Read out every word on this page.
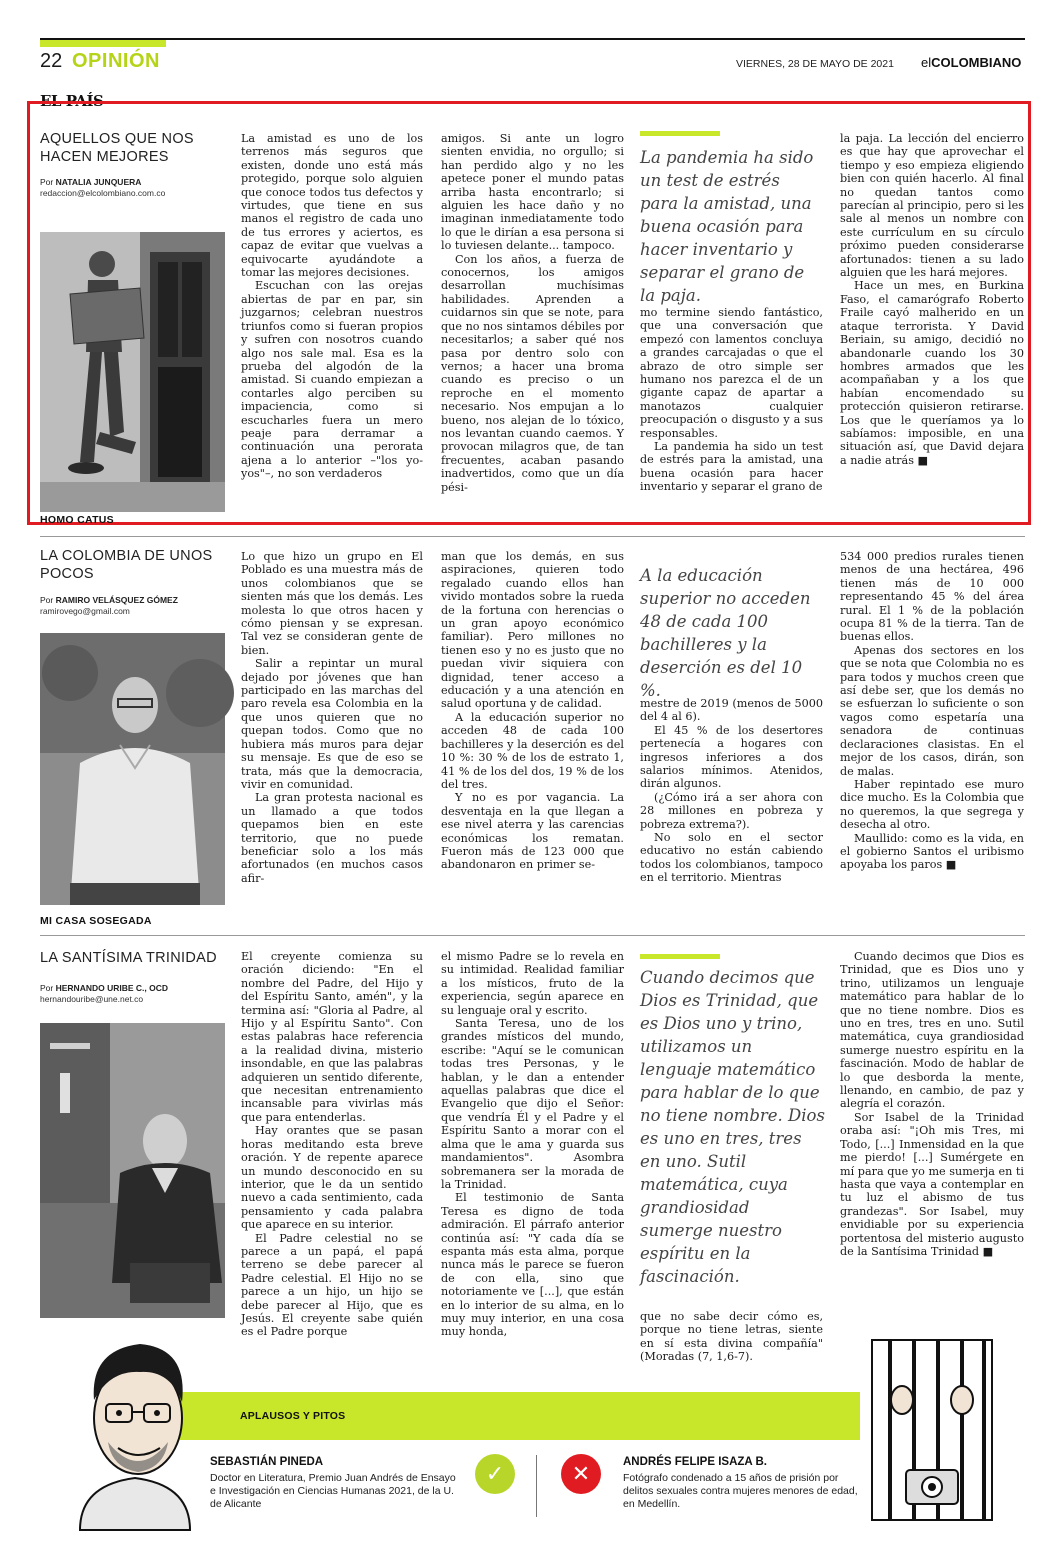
22 OPINIÓN	VIERNES, 28 DE MAYO DE 2021 elCOLOMBIANO
EL PAÍS
AQUELLOS QUE NOS HACEN MEJORES
Por NATALIA JUNQUERA
redaccion@elcolombiano.com.co
HOMO CATUS

La amistad es uno de los terrenos más seguros que existen, donde uno está más protegido, porque solo alguien que conoce todos tus defectos y virtudes, que tiene en sus manos el registro de cada uno de tus errores y aciertos, es capaz de evitar que vuelvas a equivocarte ayudándote a tomar las mejores decisiones.

Escuchan con las orejas abiertas de par en par, sin juzgarnos; celebran nuestros triunfos como si fueran propios y sufren con nosotros cuando algo nos sale mal. Esa es la prueba del algodón de la amistad. Si cuando empiezan a contarles algo perciben su impaciencia, como si escucharles fuera un mero peaje para derramar a continuación una perorata ajena a lo anterior –"los yo-yos"–, no son verdaderos

amigos. Si ante un logro sienten envidia, no orgullo; si han perdido algo y no les apetece poner el mundo patas arriba hasta encontrarlo; si alguien les hace daño y no imaginan inmediatamente todo lo que le dirían a esa persona si lo tuviesen delante... tampoco.

Con los años, a fuerza de conocernos, los amigos desarrollan muchísimas habilidades. Aprenden a cuidarnos sin que se note, para que no nos sintamos débiles por necesitarlos; a saber qué nos pasa por dentro solo con vernos; a hacer una broma cuando es preciso o un reproche en el momento necesario. Nos empujan a lo bueno, nos alejan de lo tóxico, nos levantan cuando caemos. Y provocan milagros que, de tan frecuentes, acaban pasando inadvertidos, como que un día pési-

La pandemia ha sido un test de estrés para la amistad, una buena ocasión para hacer inventario y separar el grano de la paja.

mo termine siendo fantástico, que una conversación que empezó con lamentos concluya a grandes carcajadas o que el abrazo de otro simple ser humano nos parezca el de un gigante capaz de apartar a manotazos cualquier preocupación o disgusto y a sus responsables.

La pandemia ha sido un test de estrés para la amistad, una buena ocasión para hacer inventario y separar el grano de

la paja. La lección del encierro es que hay que aprovechar el tiempo y eso empieza eligiendo bien con quién hacerlo. Al final no quedan tantos como parecían al principio, pero si les sale al menos un nombre con este currículum en su círculo próximo pueden considerarse afortunados: tienen a su lado alguien que les hará mejores.

Hace un mes, en Burkina Faso, el camarógrafo Roberto Fraile cayó malherido en un ataque terrorista. Y David Beriain, su amigo, decidió no abandonarle cuando los 30 hombres armados que les acompañaban y a los que habían encomendado su protección quisieron retirarse. Los que le queríamos ya lo sabíamos: imposible, en una situación así, que David dejara a nadie atrás ■

LA COLOMBIA DE UNOS POCOS
Por RAMIRO VELÁSQUEZ GÓMEZ
ramirovego@gmail.com
MI CASA SOSEGADA

Lo que hizo un grupo en El Poblado es una muestra más de unos colombianos que se sienten más que los demás. Les molesta lo que otros hacen y cómo piensan y se expresan. Tal vez se consideran gente de bien.

Salir a repintar un mural dejado por jóvenes que han participado en las marchas del paro revela esa Colombia en la que unos quieren que no quepan todos. Como que no hubiera más muros para dejar su mensaje. Es que de eso se trata, más que la democracia, vivir en comunidad.

La gran protesta nacional es un llamado a que todos quepamos bien en este territorio, que no puede beneficiar solo a los más afortunados (en muchos casos afir-

man que los demás, en sus aspiraciones, quieren todo regalado cuando ellos han vivido montados sobre la rueda de la fortuna con herencias o un gran apoyo económico familiar). Pero millones no tienen eso y no es justo que no puedan vivir siquiera con dignidad, tener acceso a educación y a una atención en salud oportuna y de calidad.

A la educación superior no acceden 48 de cada 100 bachilleres y la deserción es del 10 %: 30 % de los de estrato 1, 41 % de los del dos, 19 % de los del tres.

Y no es por vagancia. La desventaja en la que llegan a ese nivel aterra y las carencias económicas los rematan. Fueron más de 123 000 que abandonaron en primer se-

A la educación superior no acceden 48 de cada 100 bachilleres y la deserción es del 10 %.

mestre de 2019 (menos de 5000 del 4 al 6).

El 45 % de los desertores pertenecía a hogares con ingresos inferiores a dos salarios mínimos. Atenidos, dirán algunos.

(¿Cómo irá a ser ahora con 28 millones en pobreza y pobreza extrema?).

No solo en el sector educativo no están cabiendo todos los colombianos, tampoco en el territorio. Mientras

534 000 predios rurales tienen menos de una hectárea, 496 tienen más de 10 000 representando 45 % del área rural. El 1 % de la población ocupa 81 % de la tierra. Tan de buenas ellos.

Apenas dos sectores en los que se nota que Colombia no es para todos y muchos creen que así debe ser, que los demás no se esfuerzan lo suficiente o son vagos como espetaría una senadora de continuas declaraciones clasistas. En el mejor de los casos, dirán, son de malas.

Haber repintado ese muro dice mucho. Es la Colombia que no queremos, la que segrega y desecha al otro.

Maullido: como es la vida, en el gobierno Santos el uribismo apoyaba los paros ■

LA SANTÍSIMA TRINIDAD
Por HERNANDO URIBE C., OCD
hernandouribe@une.net.co

El creyente comienza su oración diciendo: "En el nombre del Padre, del Hijo y del Espíritu Santo, amén", y la termina así: "Gloria al Padre, al Hijo y al Espíritu Santo". Con estas palabras hace referencia a la realidad divina, misterio insondable, en que las palabras adquieren un sentido diferente, que necesitan entrenamiento incansable para vivirlas más que para entenderlas.

Hay orantes que se pasan horas meditando esta breve oración. Y de repente aparece un mundo desconocido en su interior, que le da un sentido nuevo a cada sentimiento, cada pensamiento y cada palabra que aparece en su interior.

El Padre celestial no se parece a un papá, el papá terreno se debe parecer al Padre celestial. El Hijo no se parece a un hijo, un hijo se debe parecer al Hijo, que es Jesús. El creyente sabe quién es el Padre porque

el mismo Padre se lo revela en su intimidad. Realidad familiar a los místicos, fruto de la experiencia, según aparece en su lenguaje oral y escrito.

Santa Teresa, uno de los grandes místicos del mundo, escribe: "Aquí se le comunican todas tres Personas, y le hablan, y le dan a entender aquellas palabras que dice el Evangelio que dijo el Señor: que vendría Él y el Padre y el Espíritu Santo a morar con el alma que le ama y guarda sus mandamientos". Asombra sobremanera ser la morada de la Trinidad.

El testimonio de Santa Teresa es digno de toda admiración. El párrafo anterior continúa así: "Y cada día se espanta más esta alma, porque nunca más le parece se fueron de con ella, sino que notoriamente ve [...], que están en lo interior de su alma, en lo muy muy interior, en una cosa muy honda,

Cuando decimos que Dios es Trinidad, que es Dios uno y trino, utilizamos un lenguaje matemático para hablar de lo que no tiene nombre. Dios es uno en tres, tres en uno. Sutil matemática, cuya grandiosidad sumerge nuestro espíritu en la fascinación.

que no sabe decir cómo es, porque no tiene letras, siente en sí esta divina compañía" (Moradas (7, 1,6-7).

Cuando decimos que Dios es Trinidad, que es Dios uno y trino, utilizamos un lenguaje matemático para hablar de lo que no tiene nombre. Dios es uno en tres, tres en uno. Sutil matemática, cuya grandiosidad sumerge nuestro espíritu en la fascinación. Modo de hablar de lo que desborda la mente, llenando, en cambio, de paz y alegría el corazón.

Sor Isabel de la Trinidad oraba así: "¡Oh mis Tres, mi Todo, [...] Inmensidad en la que me pierdo! [...] Sumérgete en mí para que yo me sumerja en ti hasta que vaya a contemplar en tu luz el abismo de tus grandezas". Sor Isabel, muy envidiable por su experiencia portentosa del misterio augusto de la Santísima Trinidad ■

APLAUSOS Y PITOS
SEBASTIÁN PINEDA
Doctor en Literatura, Premio Juan Andrés de Ensayo e Investigación en Ciencias Humanas 2021, de la U. de Alicante
✓	✕	ANDRÉS FELIPE ISAZA B.
Fotógrafo condenado a 15 años de prisión por delitos sexuales contra mujeres menores de edad, en Medellín.
